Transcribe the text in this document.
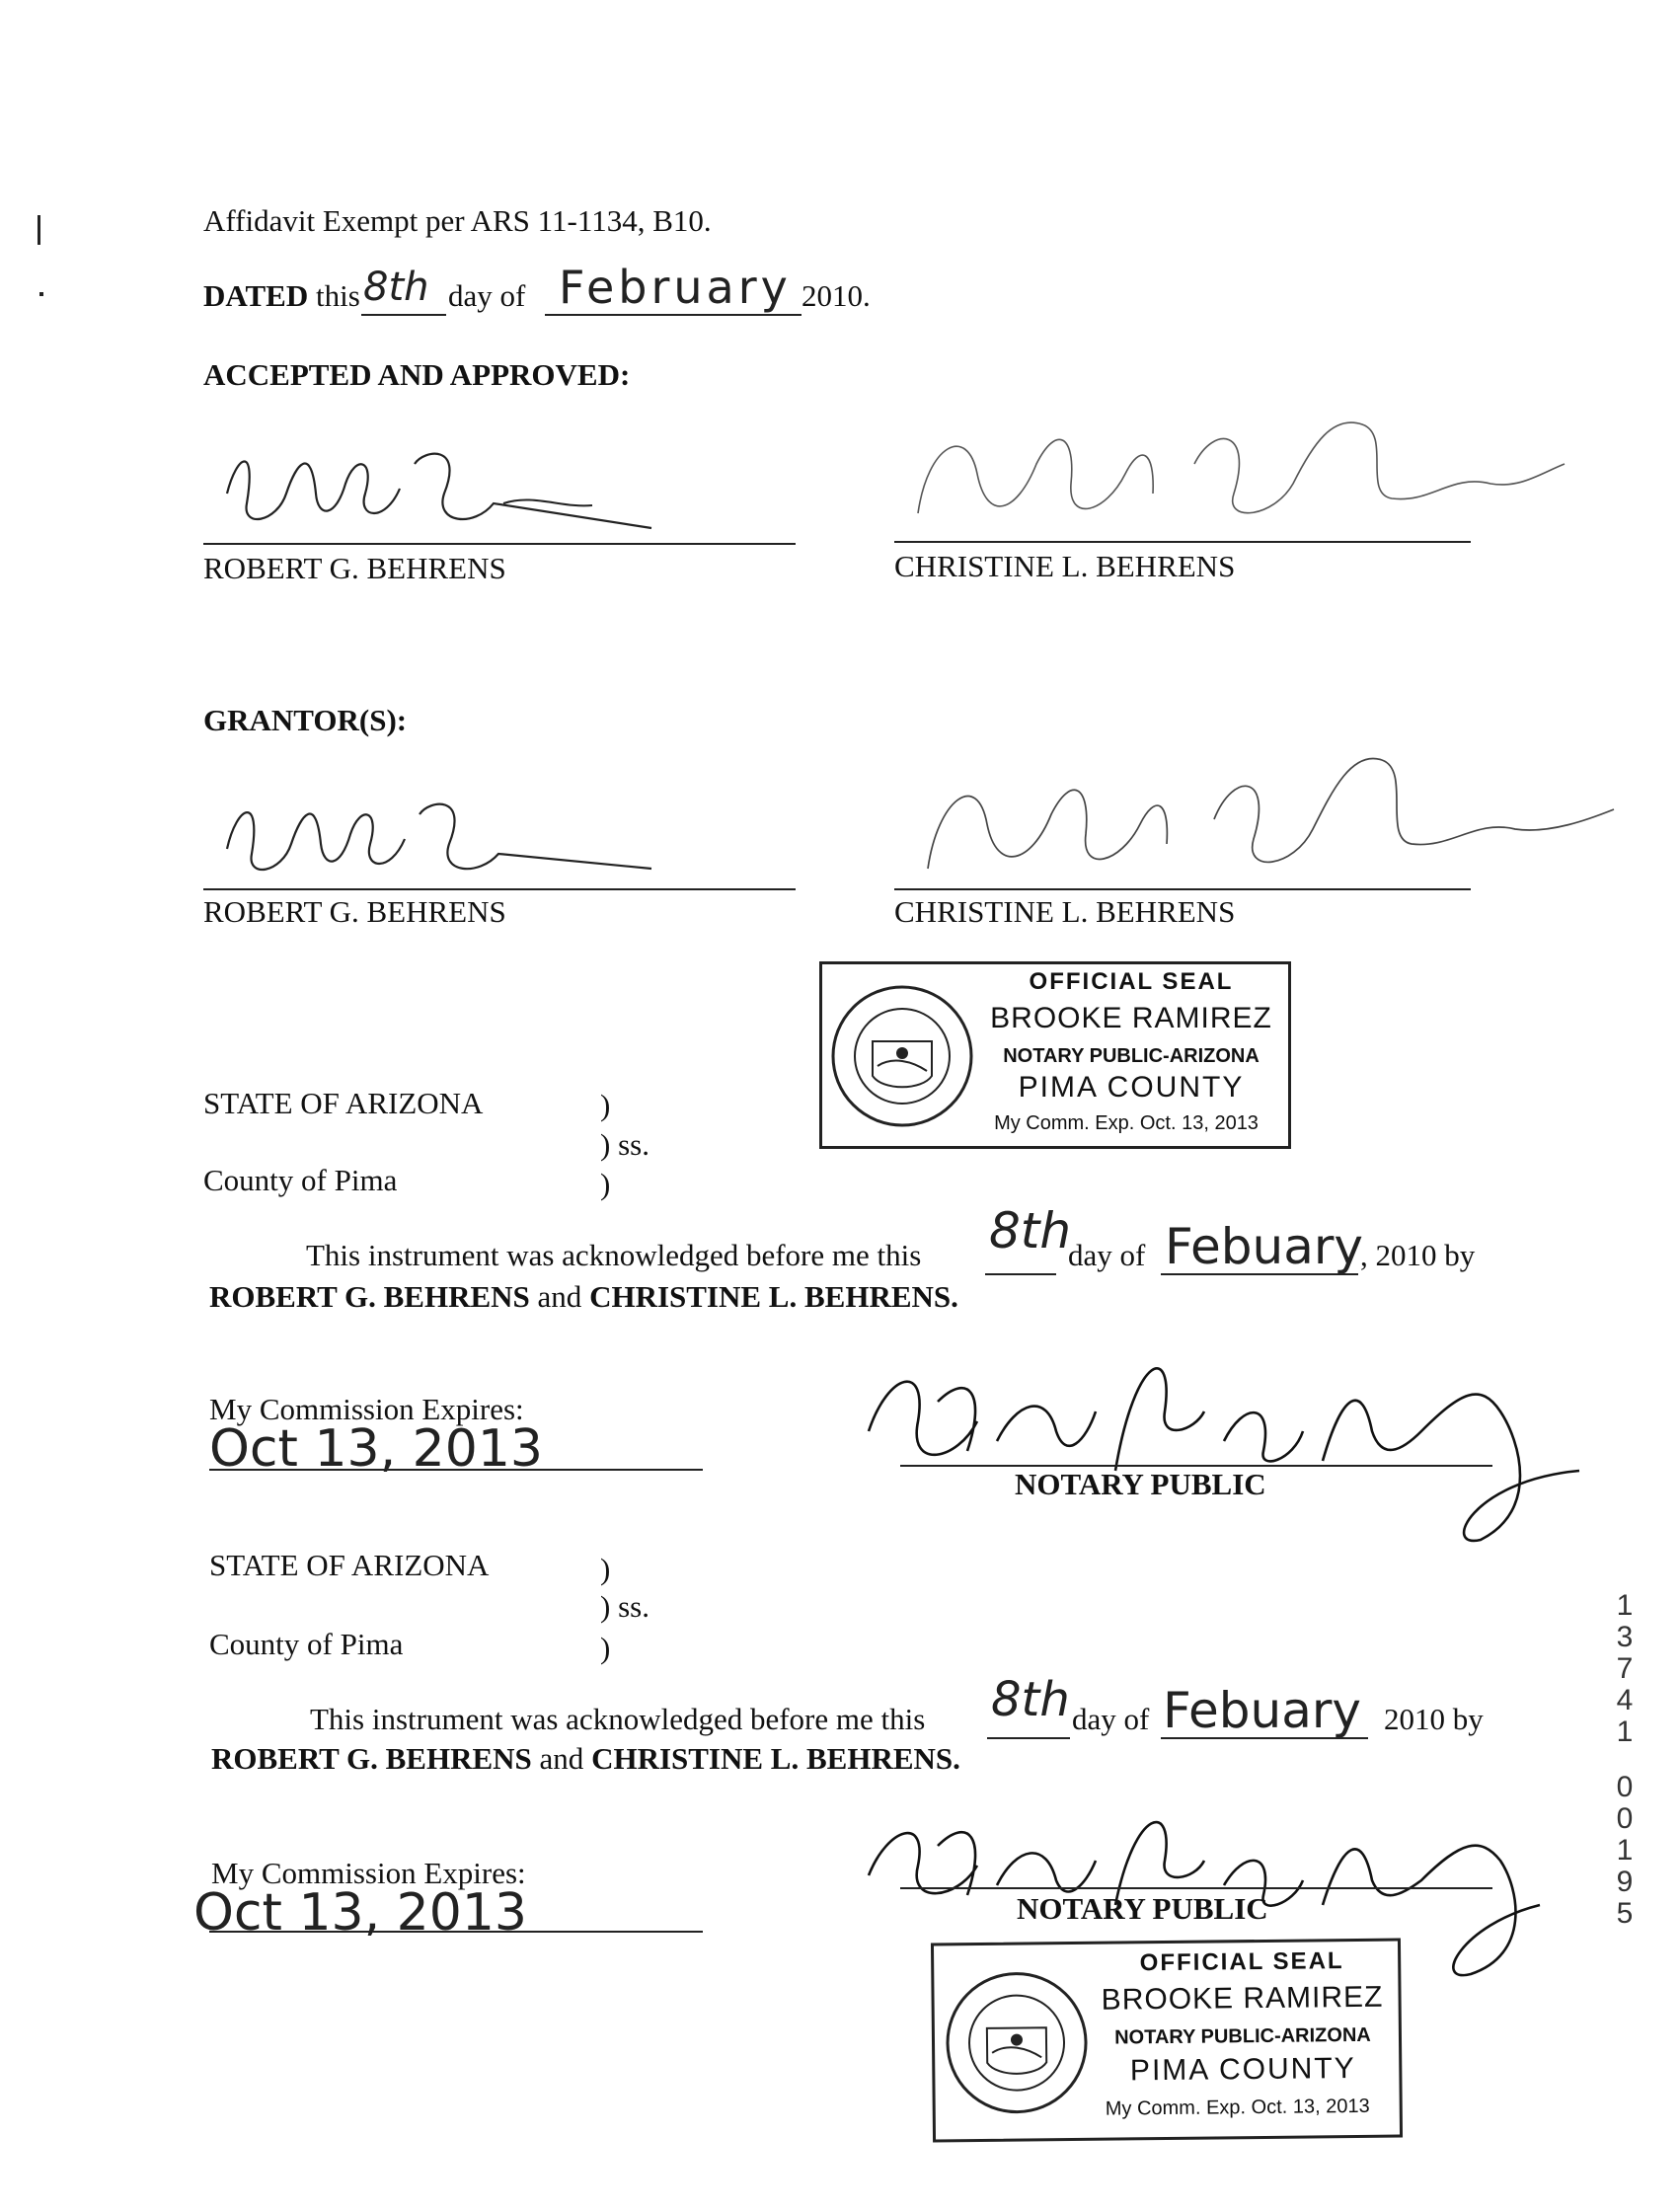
Affidavit Exempt per ARS 11-1134, B10.
DATED this 8th day of February 2010.
ACCEPTED AND APPROVED:
ROBERT G. BEHRENS	CHRISTINE L. BEHRENS
GRANTOR(S):
ROBERT G. BEHRENS	CHRISTINE L. BEHRENS
OFFICIAL SEAL
BROOKE RAMIREZ
NOTARY PUBLIC-ARIZONA
PIMA COUNTY
My Comm. Exp. Oct. 13, 2013
STATE OF ARIZONA	)
) ss.
County of Pima	)
This instrument was acknowledged before me this 8th
day of Febuary
, 2010 by
ROBERT G. BEHRENS and CHRISTINE L. BEHRENS.
My Commission Expires:
Oct 13, 2013
NOTARY PUBLIC
STATE OF ARIZONA	)
) ss.
County of Pima	)
This instrument was acknowledged before me this 8th day of Febuary 2010 by
ROBERT G. BEHRENS and CHRISTINE L. BEHRENS.
My Commission Expires:
Oct 13, 2013	NOTARY PUBLIC
OFFICIAL SEAL
BROOKE RAMIREZ
NOTARY PUBLIC-ARIZONA
PIMA COUNTY
My Comm. Exp. Oct. 13, 2013
1
3
7
4
1
0
0
1
9
5
